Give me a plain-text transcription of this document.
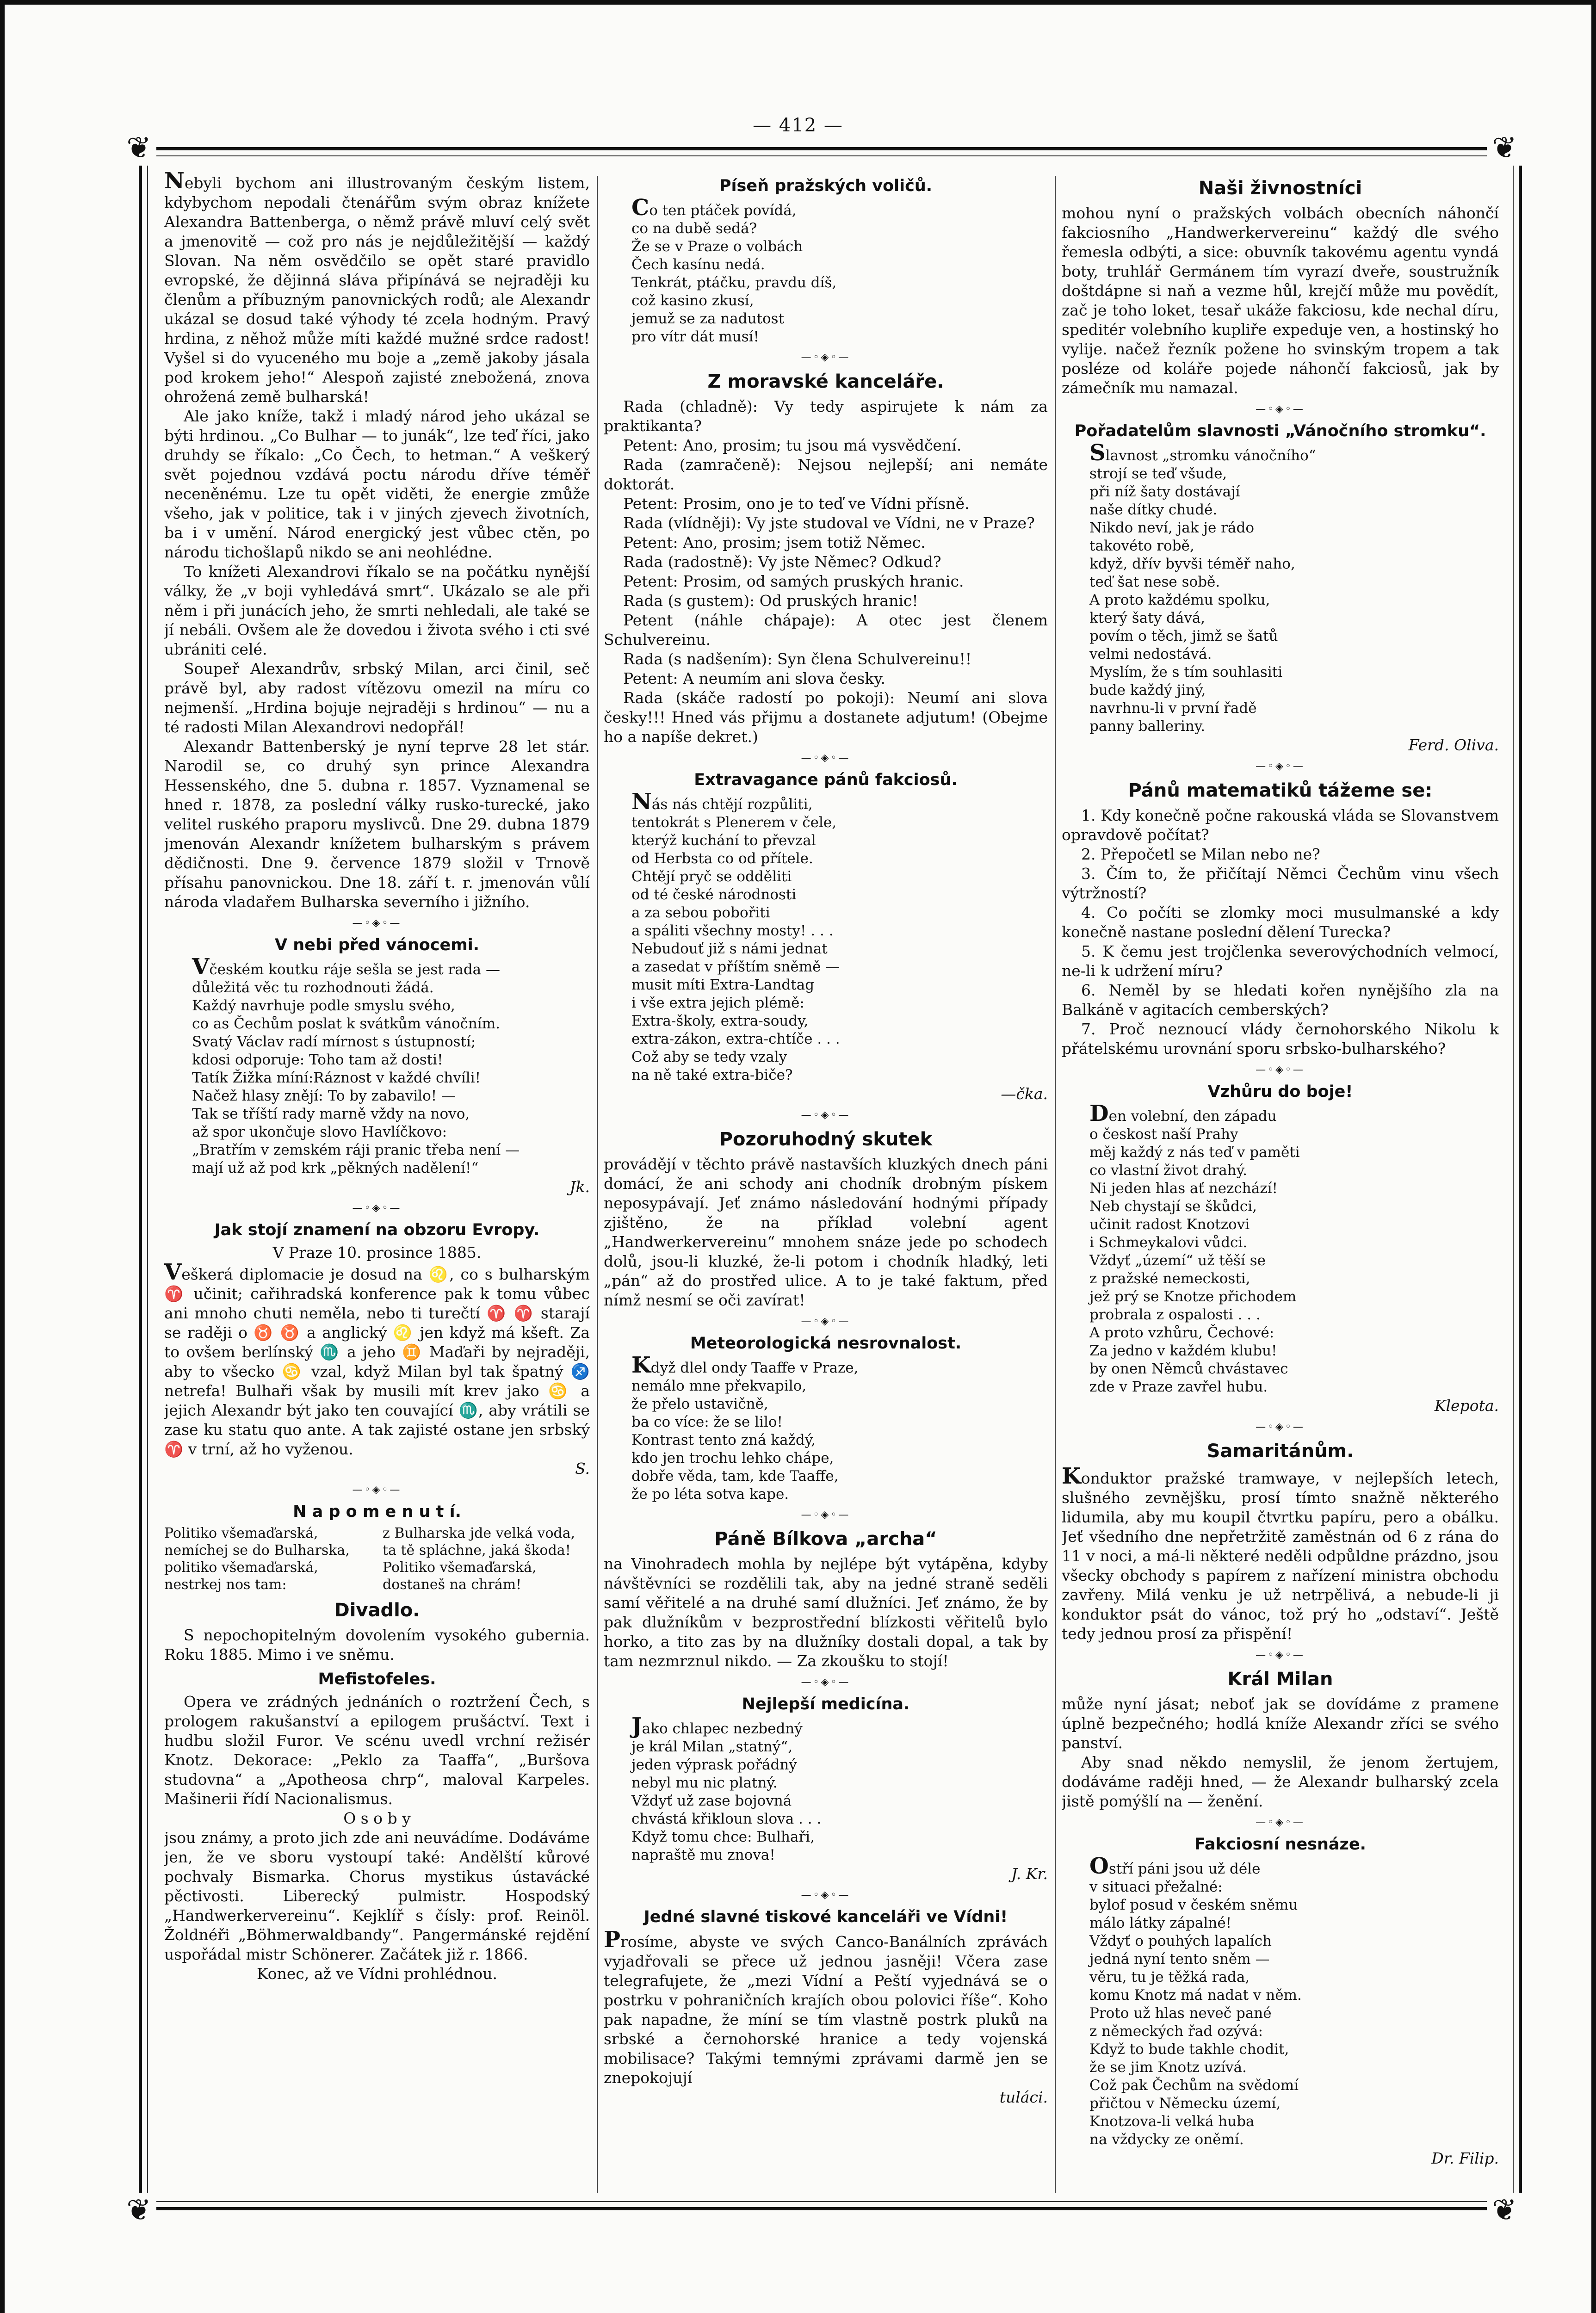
— 412 —
❦	❦
❦	❦

Nebyli bychom ani illustrovaným českým listem, kdybychom nepodali čtenářům svým obraz knížete Alexandra Battenberga, o němž právě mluví celý svět a jmenovitě — což pro nás je nejdůležitější — každý Slovan. Na něm osvědčilo se opět staré pravidlo evropské, že dějinná sláva připínává se nejraději ku členům a příbuzným panovnických rodů; ale Alexandr ukázal se dosud také výhody té zcela hodným. Pravý hrdina, z něhož může míti každé mužné srdce radost! Vyšel si do vyuceného mu boje a „země jakoby jásala pod krokem jeho!“ Alespoň zajisté znebožená, znova ohrožená země bulharská!

Ale jako kníže, takž i mladý národ jeho ukázal se býti hrdinou. „Co Bulhar — to junák“, lze teď říci, jako druhdy se říkalo: „Co Čech, to hetman.“ A veškerý svět pojednou vzdává poctu národu dříve téměř neceněnému. Lze tu opět viděti, že energie zmůže všeho, jak v politice, tak i v jiných zjevech životních, ba i v umění. Národ energický jest vůbec ctěn, po národu tichošlapů nikdo se ani neohlédne.

To knížeti Alexandrovi říkalo se na počátku nynější války, že „v boji vyhledává smrt“. Ukázalo se ale při něm i při junácích jeho, že smrti nehledali, ale také se jí nebáli. Ovšem ale že dovedou i života svého i cti své ubrániti celé.

Soupeř Alexandrův, srbský Milan, arci činil, seč právě byl, aby radost vítězovu omezil na míru co nejmenší. „Hrdina bojuje nejraději s hrdinou“ — nu a té radosti Milan Alexandrovi nedopřál!

Alexandr Battenberský je nyní teprve 28 let stár. Narodil se, co druhý syn prince Alexandra Hessenského, dne 5. dubna r. 1857. Vyznamenal se hned r. 1878, za poslední války rusko-turecké, jako velitel ruského praporu myslivců. Dne 29. dubna 1879 jmenován Alexandr knížetem bulharským s právem dědičnosti. Dne 9. července 1879 složil v Trnově přísahu panovnickou. Dne 18. září t. r. jmenován vůlí národa vladařem Bulharska severního i jižního.

—◦◈◦—
V nebi před vánocemi.
Včeském koutku ráje sešla se jest rada —
důležitá věc tu rozhodnouti žádá.
Každý navrhuje podle smyslu svého,
co as Čechům poslat k svátkům vánočním.
Svatý Václav radí mírnost s ústupností;
kdosi odporuje: Toho tam až dosti!
Tatík Žižka míní:Ráznost v každé chvíli!
Načež hlasy znějí: To by zabavilo! —
Tak se tříští rady marně vždy na novo,
až spor ukončuje slovo Havlíčkovo:
„Bratřím v zemském ráji pranic třeba není —
mají už až pod krk „pěkných nadělení!“

Jk.

—◦◈◦—
Jak stojí znamení na obzoru Evropy.

V Praze 10. prosince 1885.

Veškerá diplomacie je dosud na ♌, co s bulharským ♈ učinit; cařihradská konference pak k tomu vůbec ani mnoho chuti neměla, nebo ti turečtí ♈ ♈ starají se raději o ♉ ♉ a anglický ♌ jen když má kšeft. Za to ovšem berlínský ♏ a jeho ♊ Maďaři by nejraději, aby to všecko ♋ vzal, když Milan byl tak špatný ♐ netrefa! Bulhaři však by musili mít krev jako ♋ a jejich Alexandr být jako ten couvající ♏, aby vrátili se zase ku statu quo ante. A tak zajisté ostane jen srbský ♈ v trní, až ho vyženou.

S.

—◦◈◦—
N a p o m e n u t í.
Politiko všemaďarská, nemíchej se do Bulharska, politiko všemaďarská, nestrkej nos tam:
z Bulharska jde velká voda, ta tě spláchne, jaká škoda! Politiko všemaďarská, dostaneš na chrám!
Divadlo.

S nepochopitelným dovolením vysokého gubernia. Roku 1885. Mimo i ve sněmu.

Mefistofeles.

Opera ve zrádných jednáních o roztržení Čech, s prologem rakušanství a epilogem prušáctví. Text i hudbu složil Furor. Ve scénu uvedl vrchní režisér Knotz. Dekorace: „Peklo za Taaffa“, „Buršova studovna“ a „Apotheosa chrp“, maloval Karpeles. Mašinerii řídí Nacionalismus.

O s o b y

jsou známy, a proto jich zde ani neuvádíme. Dodáváme jen, že ve sboru vystoupí také: Andělští kůrové pochvaly Bismarka. Chorus mystikus ústavácké pěctivosti. Liberecký pulmistr. Hospodský „Handwerkervereinu“. Kejklíř s čísly: prof. Reinöl. Žoldnéři „Böhmerwaldbandy“. Pangermánské rejdění uspořádal mistr Schönerer. Začátek již r. 1866.

Konec, až ve Vídni prohlédnou.

Píseň pražských voličů.
Co ten ptáček povídá,
co na dubě sedá?
Že se v Praze o volbách
Čech kasínu nedá.
Tenkrát, ptáčku, pravdu díš,
což kasino zkusí,
jemuž se za nadutost
pro vítr dát musí!
—◦◈◦—
Z moravské kanceláře.

Rada (chladně): Vy tedy aspirujete k nám za praktikanta?

Petent: Ano, prosim; tu jsou má vysvědčení.

Rada (zamračeně): Nejsou nejlepší; ani nemáte doktorát.

Petent: Prosim, ono je to teď ve Vídni přísně.

Rada (vlídněji): Vy jste studoval ve Vídni, ne v Praze?

Petent: Ano, prosim; jsem totiž Němec.

Rada (radostně): Vy jste Němec? Odkud?

Petent: Prosim, od samých pruských hranic.

Rada (s gustem): Od pruských hranic!

Petent (náhle chápaje): A otec jest členem Schulvereinu.

Rada (s nadšením): Syn člena Schulvereinu!!

Petent: A neumím ani slova česky.

Rada (skáče radostí po pokoji): Neumí ani slova česky!!! Hned vás přijmu a dostanete adjutum! (Obejme ho a napíše dekret.)

—◦◈◦—
Extravagance pánů fakciosů.
Nás nás chtějí rozpůliti,
tentokrát s Plenerem v čele,
kterýž kuchání to převzal
od Herbsta co od přítele.
Chtějí pryč se odděliti
od té české národnosti
a za sebou pobořiti
a spáliti všechny mosty! . . .
Nebudouť již s námi jednat
a zasedat v příštím sněmě —
musit míti Extra-Landtag
i vše extra jejich plémě:
Extra-školy, extra-soudy,
extra-zákon, extra-chtíče . . .
Což aby se tedy vzaly
na ně také extra-biče?

—čka.

—◦◈◦—
Pozoruhodný skutek

provádějí v těchto právě nastavších kluzkých dnech páni domácí, že ani schody ani chodník drobným pískem neposypávají. Jeť známo následování hodnými případy zjištěno, že na příklad volební agent „Handwerkervereinu“ mnohem snáze jede po schodech dolů, jsou-li kluzké, že-li potom i chodník hladký, leti „pán“ až do prostřed ulice. A to je také faktum, před nímž nesmí se oči zavírat!

—◦◈◦—
Meteorologická nesrovnalost.
Když dlel ondy Taaffe v Praze,
nemálo mne překvapilo,
že přelo ustavičně,
ba co více: že se lilo!
Kontrast tento zná každý,
kdo jen trochu lehko chápe,
dobře věda, tam, kde Taaffe,
že po léta sotva kape.
—◦◈◦—
Páně Bílkova „archa“

na Vinohradech mohla by nejlépe být vytápěna, kdyby návštěvníci se rozdělili tak, aby na jedné straně seděli samí věřitelé a na druhé samí dlužníci. Jeť známo, že by pak dlužníkům v bezprostřední blízkosti věřitelů bylo horko, a tito zas by na dlužníky dostali dopal, a tak by tam nezmrznul nikdo. — Za zkoušku to stojí!

—◦◈◦—
Nejlepší medicína.
Jako chlapec nezbedný
je král Milan „statný“,
jeden výprask pořádný
nebyl mu nic platný.
Vždyť už zase bojovná
chvástá křikloun slova . . .
Když tomu chce: Bulhaři,
napraště mu znova!

J. Kr.

—◦◈◦—
Jedné slavné tiskové kanceláři ve Vídni!

Prosíme, abyste ve svých Canco-Banálních zprávách vyjadřovali se přece už jednou jasněji! Včera zase telegrafujete, že „mezi Vídní a Peští vyjednává se o postrku v pohraničních krajích obou polovici říše“. Koho pak napadne, že míní se tím vlastně postrk pluků na srbské a černohorské hranice a tedy vojenská mobilisace? Takými temnými zprávami darmě jen se znepokojují

tuláci.

Naši živnostníci

mohou nyní o pražských volbách obecních náhončí fakciosního „Handwerkervereinu“ každý dle svého řemesla odbýti, a sice: obuvník takovému agentu vyndá boty, truhlář Germánem tím vyrazí dveře, soustružník doštdápne si naň a vezme hůl, krejčí může mu povědít, zač je toho loket, tesař ukáže fakciosu, kde nechal díru, speditér volebního kupliře expeduje ven, a hostinský ho vylije. načež řezník požene ho svinským tropem a tak posléze od koláře pojede náhončí fakciosů, jak by zámečník mu namazal.

—◦◈◦—
Pořadatelům slavnosti „Vánočního stromku“.
Slavnost „stromku vánočního“
strojí se teď všude,
při níž šaty dostávají
naše dítky chudé.
Nikdo neví, jak je rádo
takovéto robě,
když, dřív byvši téměř naho,
teď šat nese sobě.
A proto každému spolku,
který šaty dává,
povím o těch, jimž se šatů
velmi nedostává.
Myslím, že s tím souhlasiti
bude každý jiný,
navrhnu-li v první řadě
panny balleriny.

Ferd. Oliva.

—◦◈◦—
Pánů matematiků tážeme se:

1. Kdy konečně počne rakouská vláda se Slovanstvem opravdově počítat?

2. Přepočetl se Milan nebo ne?

3. Čím to, že přičítají Němci Čechům vinu všech výtržností?

4. Co počíti se zlomky moci musulmanské a kdy konečně nastane poslední dělení Turecka?

5. K čemu jest trojčlenka severovýchodních velmocí, ne-li k udržení míru?

6. Neměl by se hledati kořen nynějšího zla na Balkáně v agitacích cemberských?

7. Proč neznoucí vlády černohorského Nikolu k přátelskému urovnání sporu srbsko-bulharského?

—◦◈◦—
Vzhůru do boje!
Den volební, den západu
o českost naší Prahy
měj každý z nás teď v paměti
co vlastní život drahý.
Ni jeden hlas ať nezchází!
Neb chystají se škůdci,
učinit radost Knotzovi
i Schmeykalovi vůdci.
Vždyť „území“ už těší se
z pražské nemeckosti,
jež prý se Knotze přichodem
probrala z ospalosti . . .
A proto vzhůru, Čechové:
Za jedno v každém klubu!
by onen Němců chvástavec
zde v Praze zavřel hubu.

Klepota.

—◦◈◦—
Samaritánům.

Konduktor pražské tramwaye, v nejlepších letech, slušného zevnějšku, prosí tímto snažně některého lidumila, aby mu koupil čtvrtku papíru, pero a obálku. Jeť všedního dne nepřetržitě zaměstnán od 6 z rána do 11 v noci, a má-li některé neděli odpůldne prázdno, jsou všecky obchody s papírem z nařízení ministra obchodu zavřeny. Milá venku je už netrpělivá, a nebude-li ji konduktor psát do vánoc, tož prý ho „odstaví“. Ještě tedy jednou prosí za přispění!

—◦◈◦—
Král Milan

může nyní jásat; neboť jak se dovídáme z pramene úplně bezpečného; hodlá kníže Alexandr zříci se svého panství.

Aby snad někdo nemyslil, že jenom žertujem, dodáváme raději hned, — že Alexandr bulharský zcela jistě pomýšlí na — ženění.

—◦◈◦—
Fakciosní nesnáze.
Ostří páni jsou už déle
v situaci přežalné:
bylof posud v českém sněmu
málo látky zápalné!
Vždyť o pouhých lapalích
jedná nyní tento sněm —
věru, tu je těžká rada,
komu Knotz má nadat v něm.
Proto už hlas neveč pané
z německých řad ozývá:
Když to bude takhle chodit,
že se jim Knotz uzívá.
Což pak Čechům na svědomí
přičtou v Německu území,
Knotzova-li velká huba
na vždycky ze oněmí.

Dr. Filip.
